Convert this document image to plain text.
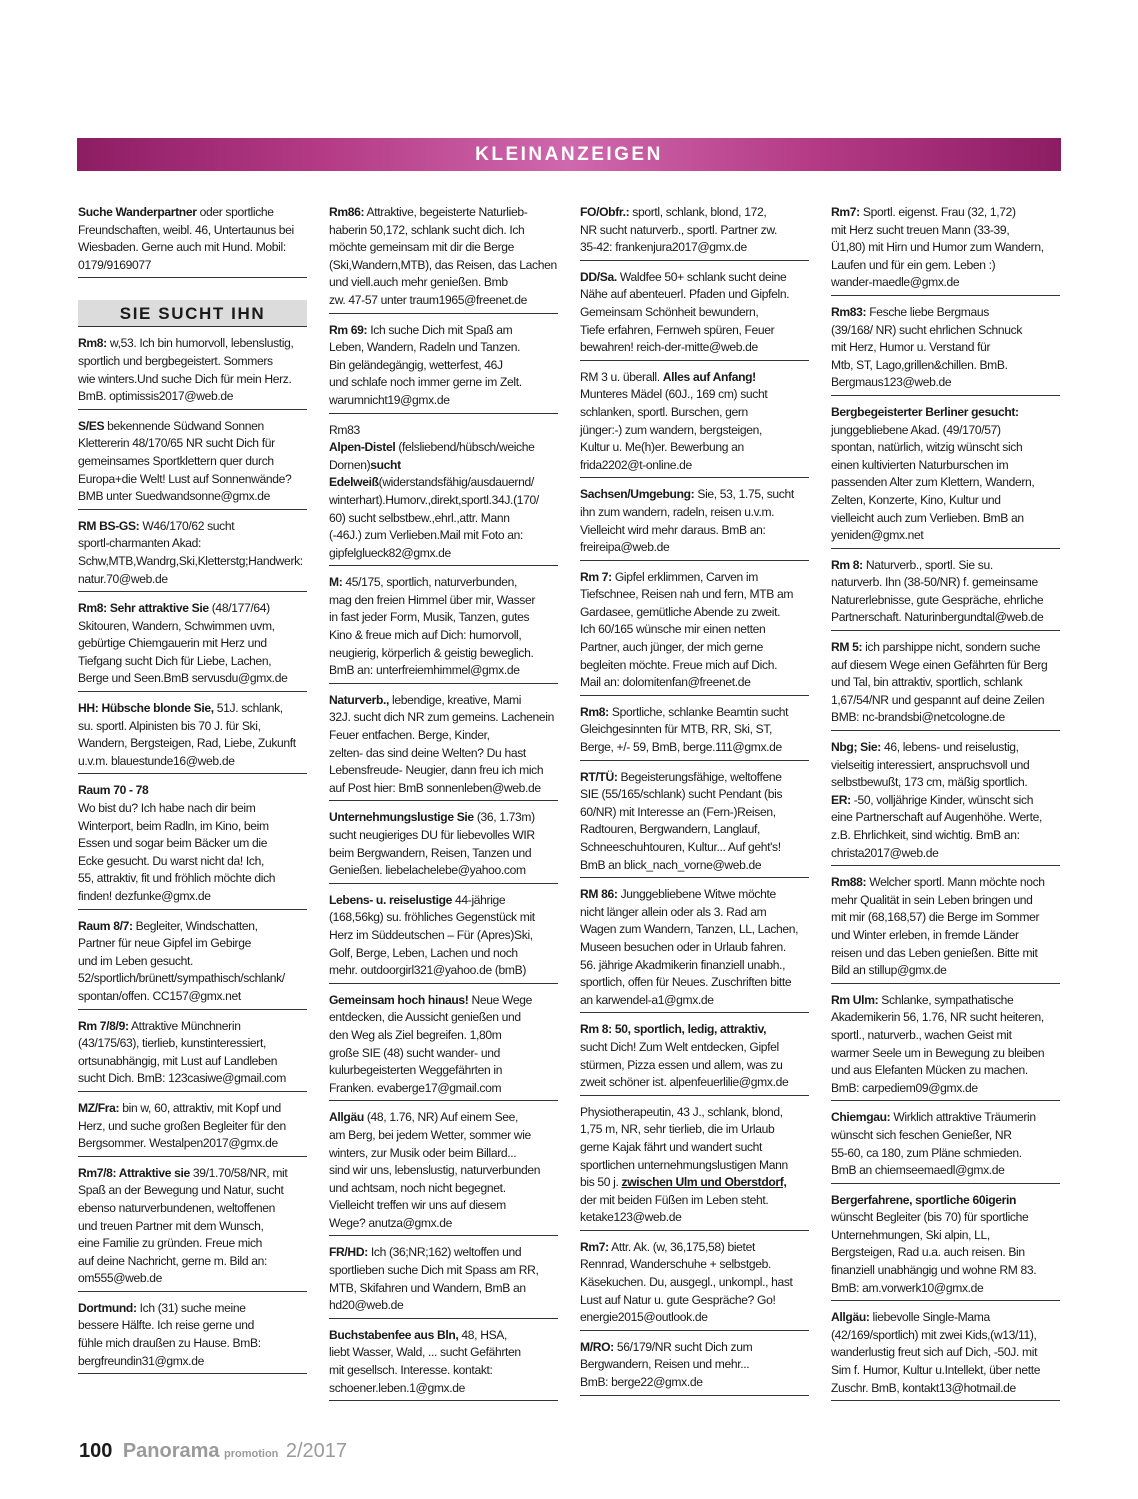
KLEINANZEIGEN
Suche Wanderpartner oder sportliche
Freundschaften, weibl. 46, Untertaunus bei
Wiesbaden. Gerne auch mit Hund. Mobil:
0179/9169077
SIE SUCHT IHN
Rm8: w,53. Ich bin humorvoll, lebenslustig,
sportlich und bergbegeistert. Sommers
wie winters.Und suche Dich für mein Herz.
BmB. optimissis2017@web.de
S/ES bekennende Südwand Sonnen
Klettererin 48/170/65 NR sucht Dich für
gemeinsames Sportklettern quer durch
Europa+die Welt! Lust auf Sonnenwände?
BMB unter Suedwandsonne@gmx.de
RM BS-GS: W46/170/62 sucht
sportl-charmanten Akad:
Schw,MTB,Wandrg,Ski,Kletterstg;Handwerk:
natur.70@web.de
Rm8: Sehr attraktive Sie (48/177/64)
Skitouren, Wandern, Schwimmen uvm,
gebürtige Chiemgauerin mit Herz und
Tiefgang sucht Dich für Liebe, Lachen,
Berge und Seen.BmB servusdu@gmx.de
HH: Hübsche blonde Sie, 51J. schlank,
su. sportl. Alpinisten bis 70 J. für Ski,
Wandern, Bergsteigen, Rad, Liebe, Zukunft
u.v.m. blauestunde16@web.de
Raum 70 - 78
Wo bist du? Ich habe nach dir beim
Winterport, beim Radln, im Kino, beim
Essen und sogar beim Bäcker um die
Ecke gesucht. Du warst nicht da! Ich,
55, attraktiv, fit und fröhlich möchte dich
finden! dezfunke@gmx.de
Raum 8/7: Begleiter, Windschatten,
Partner für neue Gipfel im Gebirge
und im Leben gesucht.
52/sportlich/brünett/sympathisch/schlank/
spontan/offen. CC157@gmx.net
Rm 7/8/9: Attraktive Münchnerin
(43/175/63), tierlieb, kunstinteressiert,
ortsunabhängig, mit Lust auf Landleben
sucht Dich. BmB: 123casiwe@gmail.com
MZ/Fra: bin w, 60, attraktiv, mit Kopf und
Herz, und suche großen Begleiter für den
Bergsommer. Westalpen2017@gmx.de
Rm7/8: Attraktive sie 39/1.70/58/NR, mit
Spaß an der Bewegung und Natur, sucht
ebenso naturverbundenen, weltoffenen
und treuen Partner mit dem Wunsch,
eine Familie zu gründen. Freue mich
auf deine Nachricht, gerne m. Bild an:
om555@web.de
Dortmund: Ich (31) suche meine
bessere Hälfte. Ich reise gerne und
fühle mich draußen zu Hause. BmB:
bergfreundin31@gmx.de
Rm86: Attraktive, begeisterte Naturlieb-
haberin 50,172, schlank sucht dich. Ich
möchte gemeinsam mit dir die Berge
(Ski,Wandern,MTB), das Reisen, das Lachen
und viell.auch mehr genießen. Bmb
zw. 47-57 unter traum1965@freenet.de
Rm 69: Ich suche Dich mit Spaß am
Leben, Wandern, Radeln und Tanzen.
Bin geländegängig, wetterfest, 46J
und schlafe noch immer gerne im Zelt.
warumnicht19@gmx.de
Rm83
Alpen-Distel (felsliebend/hübsch/weiche
Dornen)sucht
Edelweiß(widerstandsfähig/ausdauernd/
winterhart).Humorv.,direkt,sportl.34J.(170/
60) sucht selbstbew.,ehrl.,attr. Mann
(-46J.) zum Verlieben.Mail mit Foto an:
gipfelglueck82@gmx.de
M: 45/175, sportlich, naturverbunden,
mag den freien Himmel über mir, Wasser
in fast jeder Form, Musik, Tanzen, gutes
Kino & freue mich auf Dich: humorvoll,
neugierig, körperlich & geistig beweglich.
BmB an: unterfreiemhimmel@gmx.de
Naturverb., lebendige, kreative, Mami
32J. sucht dich NR zum gemeins. Lachenein
Feuer entfachen. Berge, Kinder,
zelten- das sind deine Welten? Du hast
Lebensfreude- Neugier, dann freu ich mich
auf Post hier: BmB sonnenleben@web.de
Unternehmungslustige Sie (36, 1.73m)
sucht neugieriges DU für liebevolles WIR
beim Bergwandern, Reisen, Tanzen und
Genießen. liebelachelebe@yahoo.com
Lebens- u. reiselustige 44-jährige
(168,56kg) su. fröhliches Gegenstück mit
Herz im Süddeutschen – Für (Apres)Ski,
Golf, Berge, Leben, Lachen und noch
mehr. outdoorgirl321@yahoo.de (bmB)
Gemeinsam hoch hinaus! Neue Wege
entdecken, die Aussicht genießen und
den Weg als Ziel begreifen. 1,80m
große SIE (48) sucht wander- und
kulurbegeisterten Weggefährten in
Franken. evaberge17@gmail.com
Allgäu (48, 1.76, NR) Auf einem See,
am Berg, bei jedem Wetter, sommer wie
winters, zur Musik oder beim Billard...
sind wir uns, lebenslustig, naturverbunden
und achtsam, noch nicht begegnet.
Vielleicht treffen wir uns auf diesem
Wege? anutza@gmx.de
FR/HD: Ich (36;NR;162) weltoffen und
sportlieben suche Dich mit Spass am RR,
MTB, Skifahren und Wandern, BmB an
hd20@web.de
Buchstabenfee aus Bln, 48, HSA,
liebt Wasser, Wald, ... sucht Gefährten
mit gesellsch. Interesse. kontakt:
schoener.leben.1@gmx.de
FO/Obfr.: sportl, schlank, blond, 172,
NR sucht naturverb., sportl. Partner zw.
35-42: frankenjura2017@gmx.de
DD/Sa. Waldfee 50+ schlank sucht deine
Nähe auf abenteuerl. Pfaden und Gipfeln.
Gemeinsam Schönheit bewundern,
Tiefe erfahren, Fernweh spüren, Feuer
bewahren! reich-der-mitte@web.de
RM 3 u. überall. Alles auf Anfang!
Munteres Mädel (60J., 169 cm) sucht
schlanken, sportl. Burschen, gern
jünger:-) zum wandern, bergsteigen,
Kultur u. Me(h)er. Bewerbung an
frida2202@t-online.de
Sachsen/Umgebung: Sie, 53, 1.75, sucht
ihn zum wandern, radeln, reisen u.v.m.
Vielleicht wird mehr daraus. BmB an:
freireipa@web.de
Rm 7: Gipfel erklimmen, Carven im
Tiefschnee, Reisen nah und fern, MTB am
Gardasee, gemütliche Abende zu zweit.
Ich 60/165 wünsche mir einen netten
Partner, auch jünger, der mich gerne
begleiten möchte. Freue mich auf Dich.
Mail an: dolomitenfan@freenet.de
Rm8: Sportliche, schlanke Beamtin sucht
Gleichgesinnten für MTB, RR, Ski, ST,
Berge, +/- 59, BmB, berge.111@gmx.de
RT/TÜ: Begeisterungsfähige, weltoffene
SIE (55/165/schlank) sucht Pendant (bis
60/NR) mit Interesse an (Fern-)Reisen,
Radtouren, Bergwandern, Langlauf,
Schneeschuhtouren, Kultur... Auf geht's!
BmB an blick_nach_vorne@web.de
RM 86: Junggebliebene Witwe möchte
nicht länger allein oder als 3. Rad am
Wagen zum Wandern, Tanzen, LL, Lachen,
Museen besuchen oder in Urlaub fahren.
56. jährige Akadmikerin finanziell unabh.,
sportlich, offen für Neues. Zuschriften bitte
an karwendel-a1@gmx.de
Rm 8: 50, sportlich, ledig, attraktiv,
sucht Dich! Zum Welt entdecken, Gipfel
stürmen, Pizza essen und allem, was zu
zweit schöner ist. alpenfeuerlilie@gmx.de
Physiotherapeutin, 43 J., schlank, blond,
1,75 m, NR, sehr tierlieb, die im Urlaub
gerne Kajak fährt und wandert sucht
sportlichen unternehmungslustigen Mann
bis 50 j. zwischen Ulm und Oberstdorf,
der mit beiden Füßen im Leben steht.
ketake123@web.de
Rm7: Attr. Ak. (w, 36,175,58) bietet
Rennrad, Wanderschuhe + selbstgeb.
Käsekuchen. Du, ausgegl., unkompl., hast
Lust auf Natur u. gute Gespräche? Go!
energie2015@outlook.de
M/RO: 56/179/NR sucht Dich zum
Bergwandern, Reisen und mehr...
BmB: berge22@gmx.de
Rm7: Sportl. eigenst. Frau (32, 1,72)
mit Herz sucht treuen Mann (33-39,
Ü1,80) mit Hirn und Humor zum Wandern,
Laufen und für ein gem. Leben :)
wander-maedle@gmx.de
Rm83: Fesche liebe Bergmaus
(39/168/ NR) sucht ehrlichen Schnuck
mit Herz, Humor u. Verstand für
Mtb, ST, Lago,grillen&chillen. BmB.
Bergmaus123@web.de
Bergbegeisterter Berliner gesucht:
junggebliebene Akad. (49/170/57)
spontan, natürlich, witzig wünscht sich
einen kultivierten Naturburschen im
passenden Alter zum Klettern, Wandern,
Zelten, Konzerte, Kino, Kultur und
vielleicht auch zum Verlieben. BmB an
yeniden@gmx.net
Rm 8: Naturverb., sportl. Sie su.
naturverb. Ihn (38-50/NR) f. gemeinsame
Naturerlebnisse, gute Gespräche, ehrliche
Partnerschaft. Naturinbergundtal@web.de
RM 5: ich parshippe nicht, sondern suche
auf diesem Wege einen Gefährten für Berg
und Tal, bin attraktiv, sportlich, schlank
1,67/54/NR und gespannt auf deine Zeilen
BMB: nc-brandsbi@netcologne.de
Nbg; Sie: 46, lebens- und reiselustig,
vielseitig interessiert, anspruchsvoll und
selbstbewußt, 173 cm, mäßig sportlich.
ER: -50, volljährige Kinder, wünscht sich
eine Partnerschaft auf Augenhöhe. Werte,
z.B. Ehrlichkeit, sind wichtig. BmB an:
christa2017@web.de
Rm88: Welcher sportl. Mann möchte noch
mehr Qualität in sein Leben bringen und
mit mir (68,168,57) die Berge im Sommer
und Winter erleben, in fremde Länder
reisen und das Leben genießen. Bitte mit
Bild an stillup@gmx.de
Rm Ulm: Schlanke, sympathatische
Akademikerin 56, 1.76, NR sucht heiteren,
sportl., naturverb., wachen Geist mit
warmer Seele um in Bewegung zu bleiben
und aus Elefanten Mücken zu machen.
BmB: carpediem09@gmx.de
Chiemgau: Wirklich attraktive Träumerin
wünscht sich feschen Genießer, NR
55-60, ca 180, zum Pläne schmieden.
BmB an chiemseemaedl@gmx.de
Bergerfahrene, sportliche 60igerin
wünscht Begleiter (bis 70) für sportliche
Unternehmungen, Ski alpin, LL,
Bergsteigen, Rad u.a. auch reisen. Bin
finanziell unabhängig und wohne RM 83.
BmB: am.vorwerk10@gmx.de
Allgäu: liebevolle Single-Mama
(42/169/sportlich) mit zwei Kids,(w13/11),
wanderlustig freut sich auf Dich, -50J. mit
Sim f. Humor, Kultur u.Intellekt, über nette
Zuschr. BmB, kontakt13@hotmail.de
100 Panorama promotion 2/2017
